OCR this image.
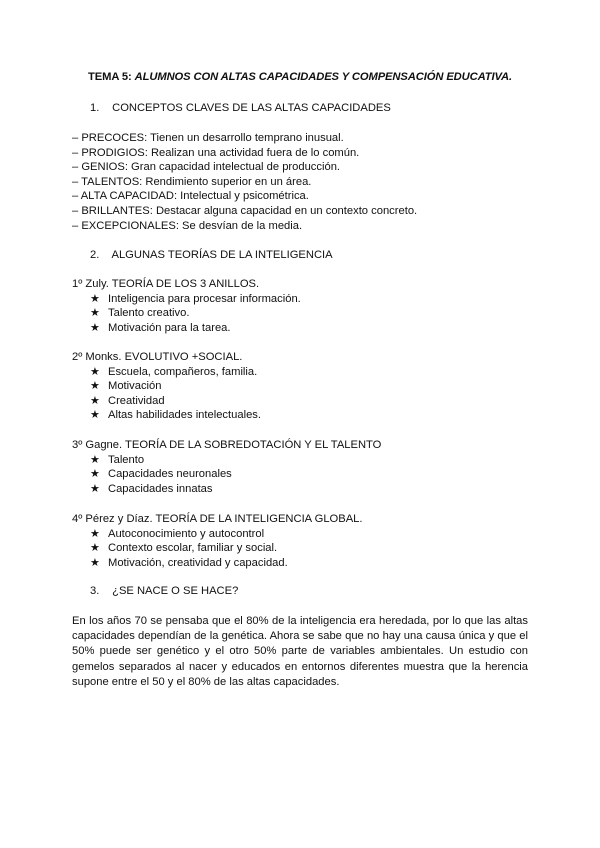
TEMA 5: ALUMNOS CON ALTAS CAPACIDADES Y COMPENSACIÓN EDUCATIVA.
1. CONCEPTOS CLAVES DE LAS ALTAS CAPACIDADES
– PRECOCES: Tienen un desarrollo temprano inusual.
– PRODIGIOS: Realizan una actividad fuera de lo común.
– GENIOS: Gran capacidad intelectual de producción.
– TALENTOS: Rendimiento superior en un área.
– ALTA CAPACIDAD: Intelectual y psicométrica.
– BRILLANTES: Destacar alguna capacidad en un contexto concreto.
– EXCEPCIONALES: Se desvían de la media.
2. ALGUNAS TEORÍAS DE LA INTELIGENCIA
1º Zuly. TEORÍA DE LOS 3 ANILLOS.
★ Inteligencia para procesar información.
★ Talento creativo.
★ Motivación para la tarea.
2º Monks. EVOLUTIVO +SOCIAL.
★ Escuela, compañeros, familia.
★ Motivación
★ Creatividad
★ Altas habilidades intelectuales.
3º Gagne. TEORÍA DE LA SOBREDOTACIÓN Y EL TALENTO
★ Talento
★ Capacidades neuronales
★ Capacidades innatas
4º Pérez y Díaz. TEORÍA DE LA INTELIGENCIA GLOBAL.
★ Autoconocimiento y autocontrol
★ Contexto escolar, familiar y social.
★ Motivación, creatividad y capacidad.
3. ¿SE NACE O SE HACE?
En los años 70 se pensaba que el 80% de la inteligencia era heredada, por lo que las altas capacidades dependían de la genética. Ahora se sabe que no hay una causa única y que el 50% puede ser genético y el otro 50% parte de variables ambientales. Un estudio con gemelos separados al nacer y educados en entornos diferentes muestra que la herencia supone entre el 50 y el 80% de las altas capacidades.
